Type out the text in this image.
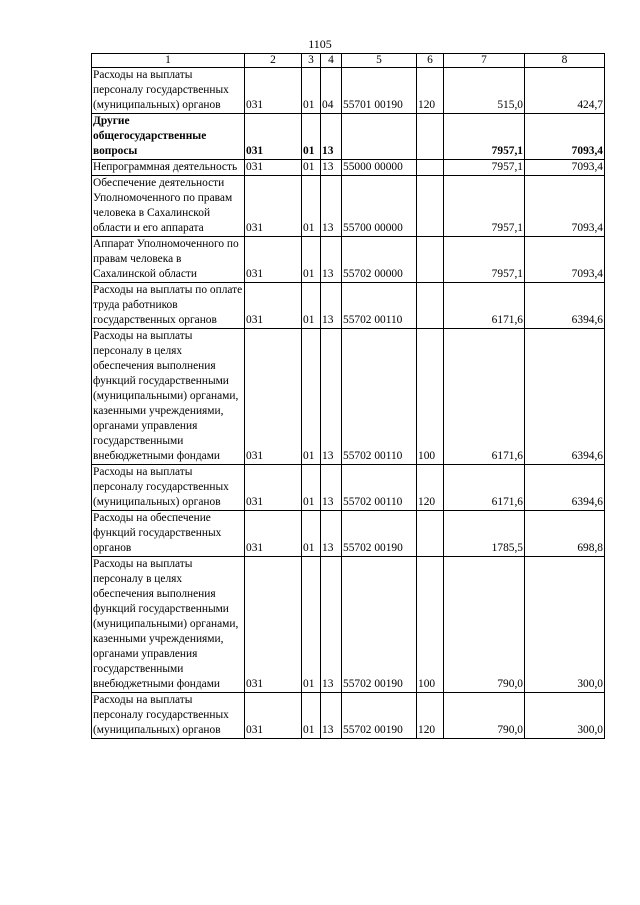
1105
1	2	3	4	5	6	7	8
Расходы на выплаты персоналу государственных (муниципальных) органов	031	01	04	55701 00190	120	515,0	424,7
Другие общегосударственные вопросы	031	01	13			7957,1	7093,4
Непрограммная деятельность	031	01	13	55000 00000		7957,1	7093,4
Обеспечение деятельности Уполномоченного по правам человека в Сахалинской области и его аппарата	031	01	13	55700 00000		7957,1	7093,4
Аппарат Уполномоченного по правам человека в Сахалинской области	031	01	13	55702 00000		7957,1	7093,4
Расходы на выплаты по оплате труда работников государственных органов	031	01	13	55702 00110		6171,6	6394,6
Расходы на выплаты персоналу в целях обеспечения выполнения функций государственными (муниципальными) органами, казенными учреждениями, органами управления государственными внебюджетными фондами	031	01	13	55702 00110	100	6171,6	6394,6
Расходы на выплаты персоналу государственных (муниципальных) органов	031	01	13	55702 00110	120	6171,6	6394,6
Расходы на обеспечение функций государственных органов	031	01	13	55702 00190		1785,5	698,8
Расходы на выплаты персоналу в целях обеспечения выполнения функций государственными (муниципальными) органами, казенными учреждениями, органами управления государственными внебюджетными фондами	031	01	13	55702 00190	100	790,0	300,0
Расходы на выплаты персоналу государственных (муниципальных) органов	031	01	13	55702 00190	120	790,0	300,0
